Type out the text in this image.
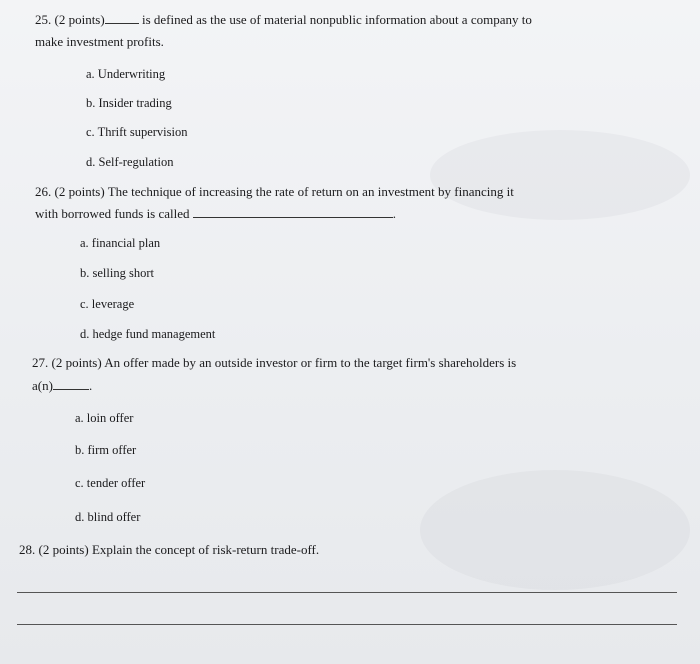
25. (2 points)	is defined as the use of material nonpublic information about a company to
make investment profits.
a. Underwriting
b. Insider trading
c. Thrift supervision
d. Self-regulation
26. (2 points) The technique of increasing the rate of return on an investment by financing it
with borrowed funds is called	.
a. financial plan
b. selling short
c. leverage
d. hedge fund management
27. (2 points) An offer made by an outside investor or firm to the target firm's shareholders is
a(n)	.
a. loin offer
b. firm offer
c. tender offer
d. blind offer
28. (2 points) Explain the concept of risk-return trade-off.
